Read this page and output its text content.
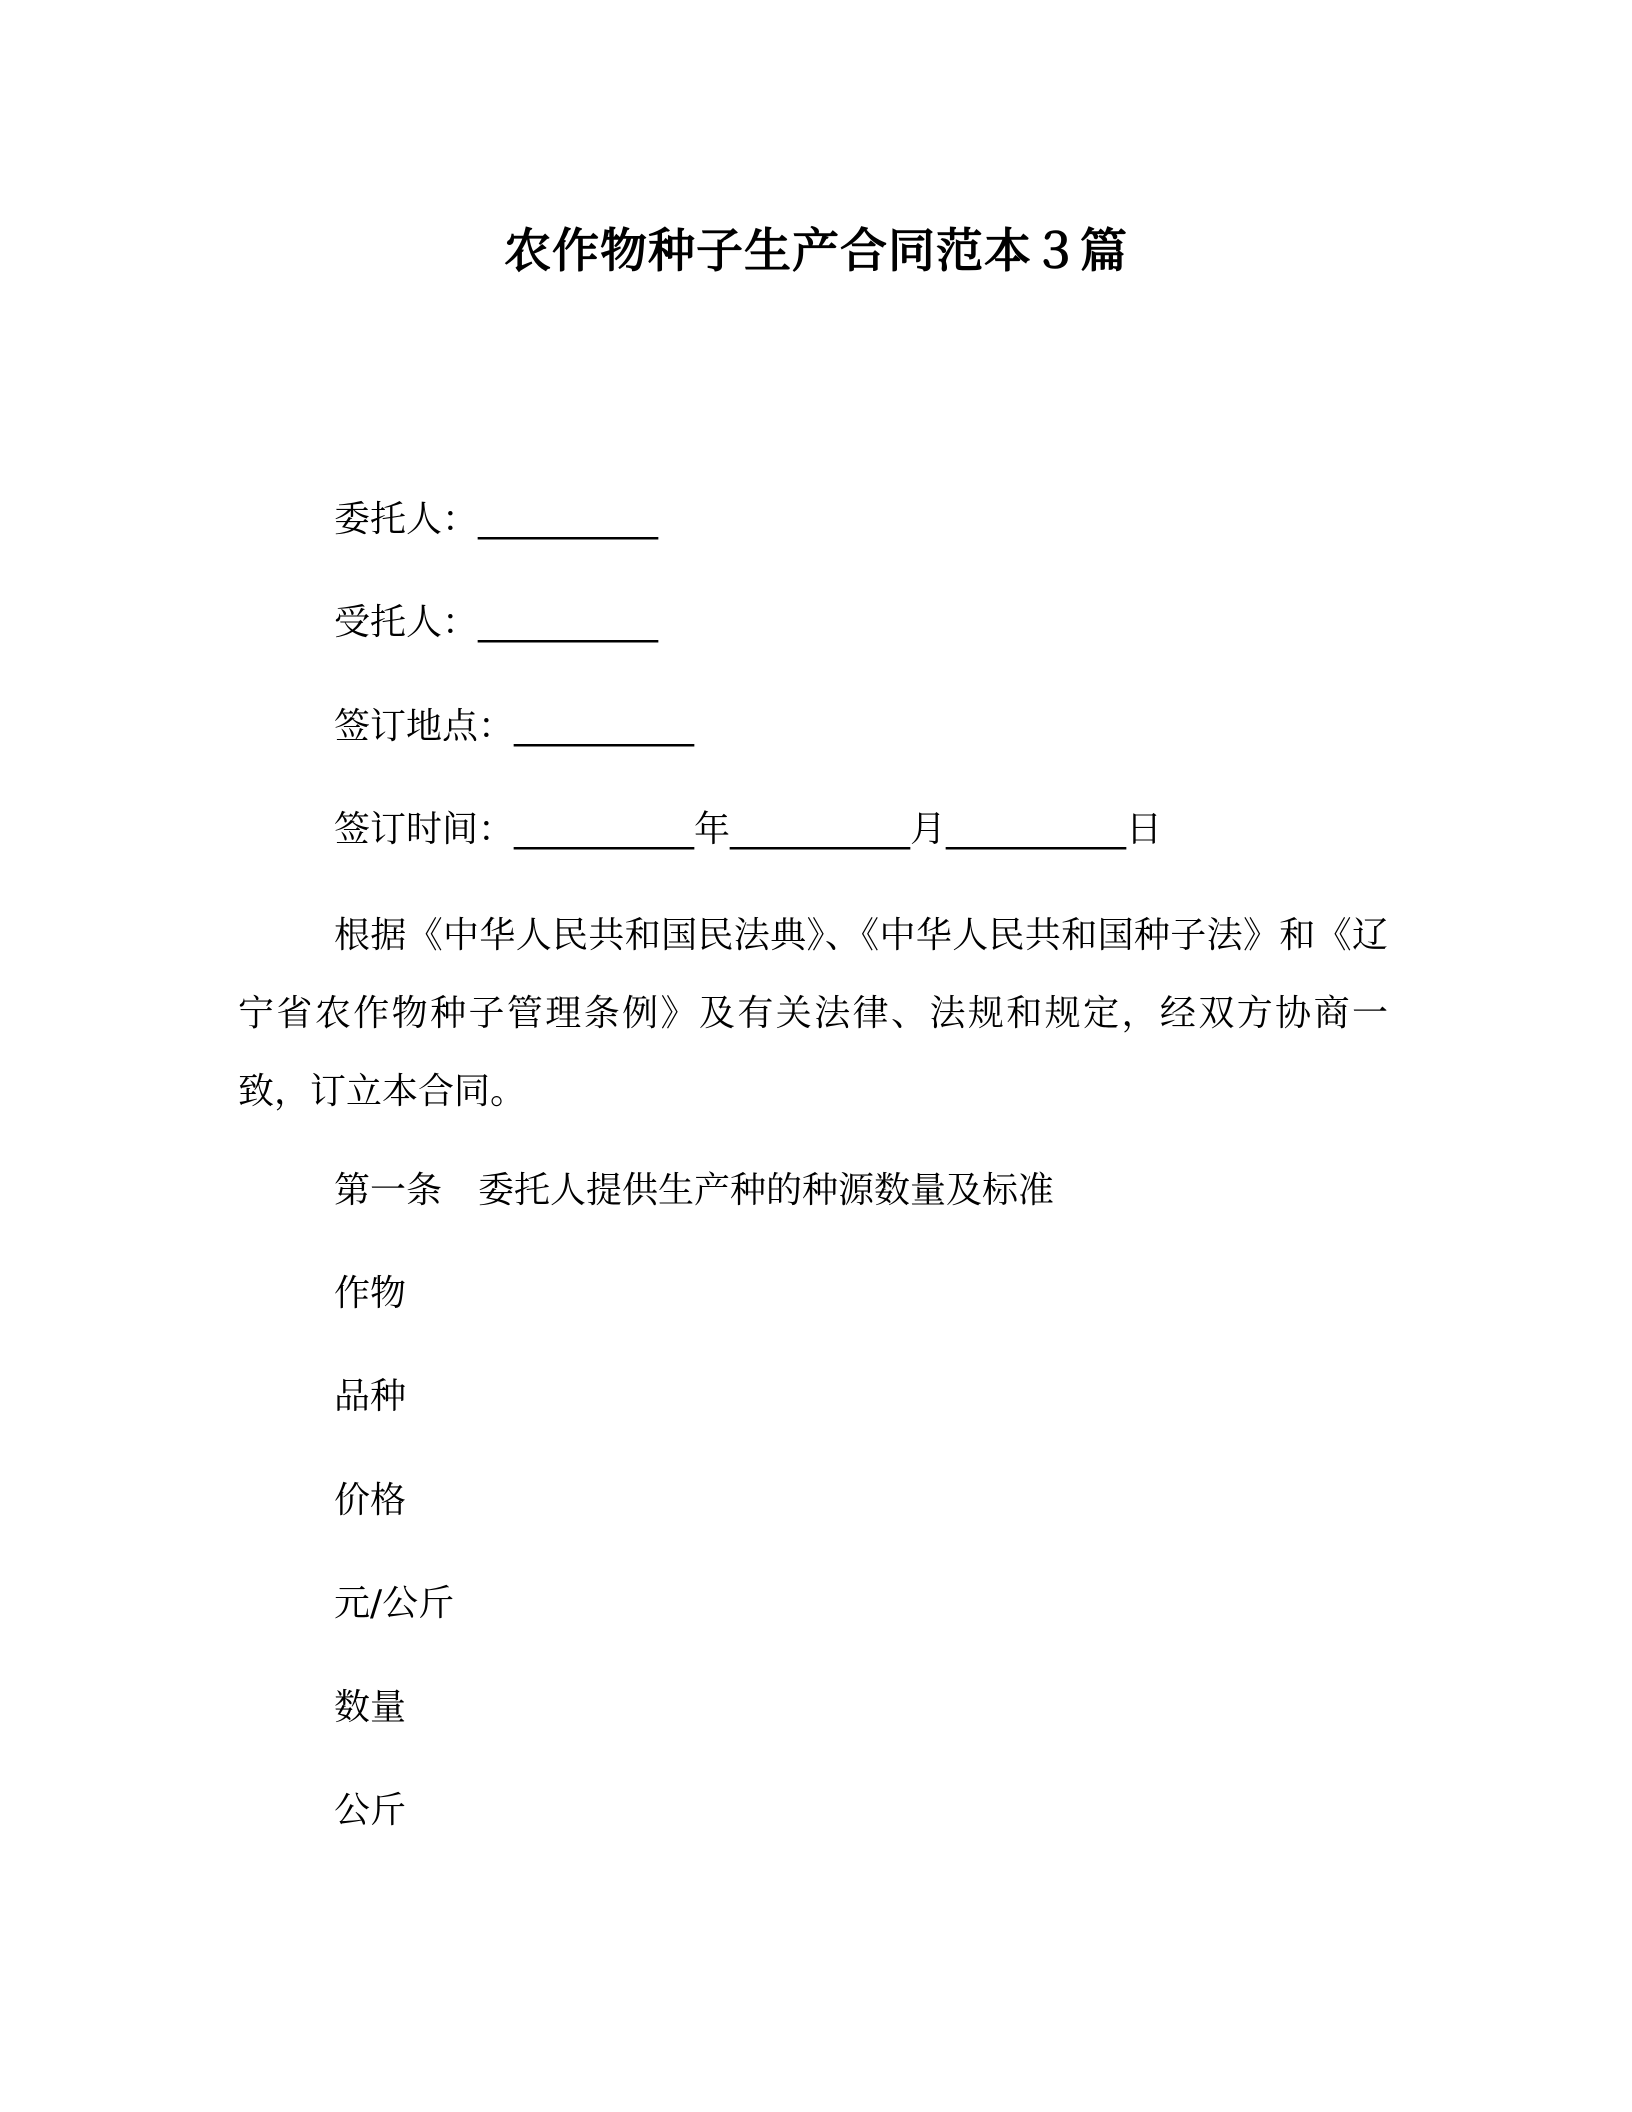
农作物种子生产合同范本３篇
委托人：__________
受托人：__________
签订地点：__________
签订时间：__________年__________月__________日
根据《中华人民共和国民法典》、《中华人民共和国种子法》和《辽宁省农作物种子管理条例》及有关法律、法规和规定，经双方协商一致，订立本合同。
第一条 委托人提供生产种的种源数量及标准
作物
品种
价格
元/公斤
数量
公斤
